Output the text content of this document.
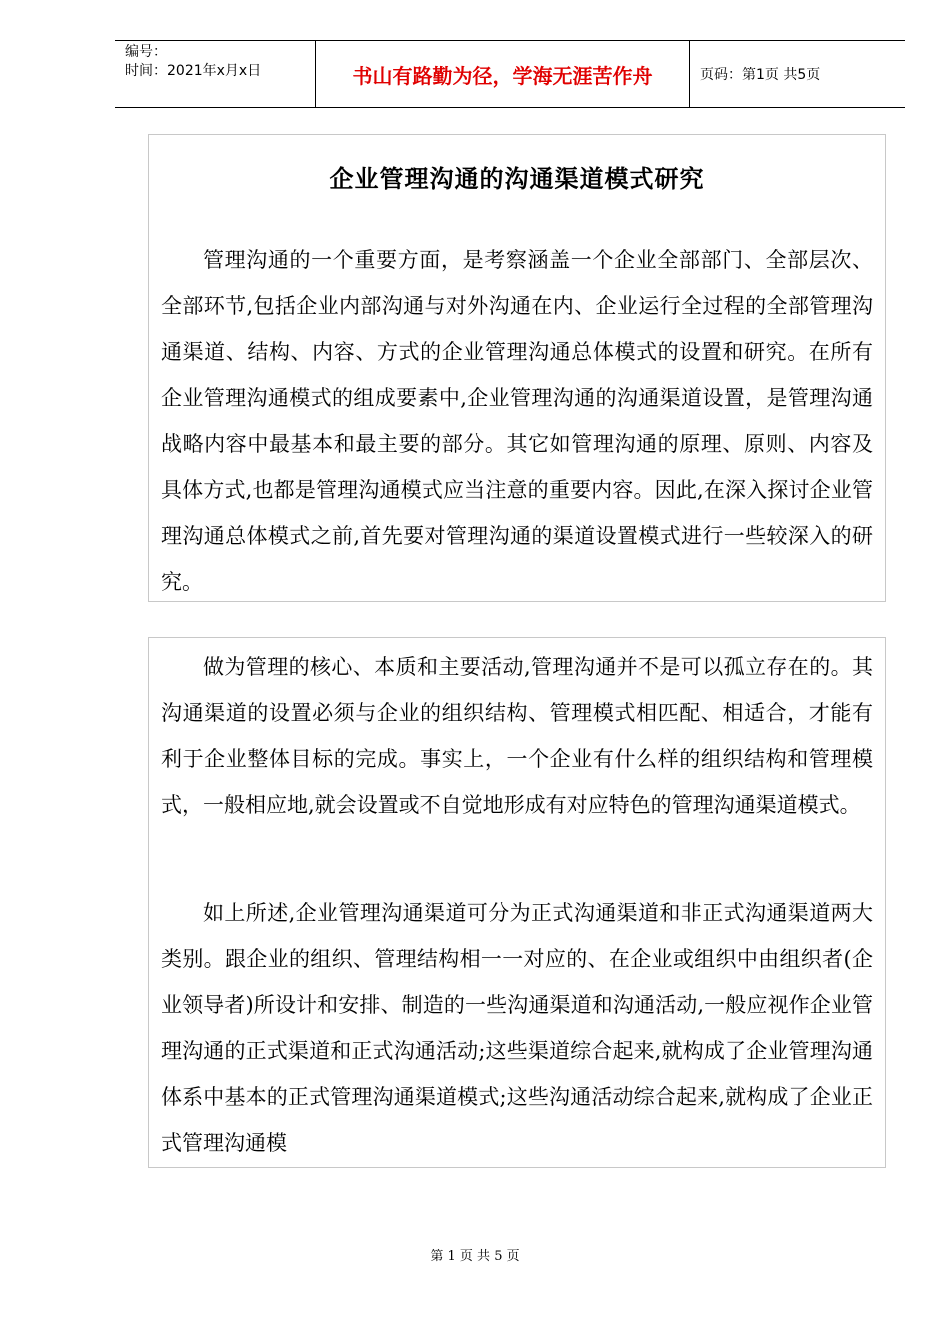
编号：
时间：2021年x月x日	书山有路勤为径，学海无涯苦作舟	页码：第1页 共5页
企业管理沟通的沟通渠道模式研究

管理沟通的一个重要方面，是考察涵盖一个企业全部部门、全部层次、全部环节,包括企业内部沟通与对外沟通在内、企业运行全过程的全部管理沟通渠道、结构、内容、方式的企业管理沟通总体模式的设置和研究。在所有企业管理沟通模式的组成要素中,企业管理沟通的沟通渠道设置，是管理沟通战略内容中最基本和最主要的部分。其它如管理沟通的原理、原则、内容及具体方式,也都是管理沟通模式应当注意的重要内容。因此,在深入探讨企业管理沟通总体模式之前,首先要对管理沟通的渠道设置模式进行一些较深入的研究。

做为管理的核心、本质和主要活动,管理沟通并不是可以孤立存在的。其沟通渠道的设置必须与企业的组织结构、管理模式相匹配、相适合，才能有利于企业整体目标的完成。事实上，一个企业有什么样的组织结构和管理模式，一般相应地,就会设置或不自觉地形成有对应特色的管理沟通渠道模式。

如上所述,企业管理沟通渠道可分为正式沟通渠道和非正式沟通渠道两大类别。跟企业的组织、管理结构相一一对应的、在企业或组织中由组织者(企业领导者)所设计和安排、制造的一些沟通渠道和沟通活动,一般应视作企业管理沟通的正式渠道和正式沟通活动;这些渠道综合起来,就构成了企业管理沟通体系中基本的正式管理沟通渠道模式;这些沟通活动综合起来,就构成了企业正式管理沟通模

第 1 页 共 5 页
